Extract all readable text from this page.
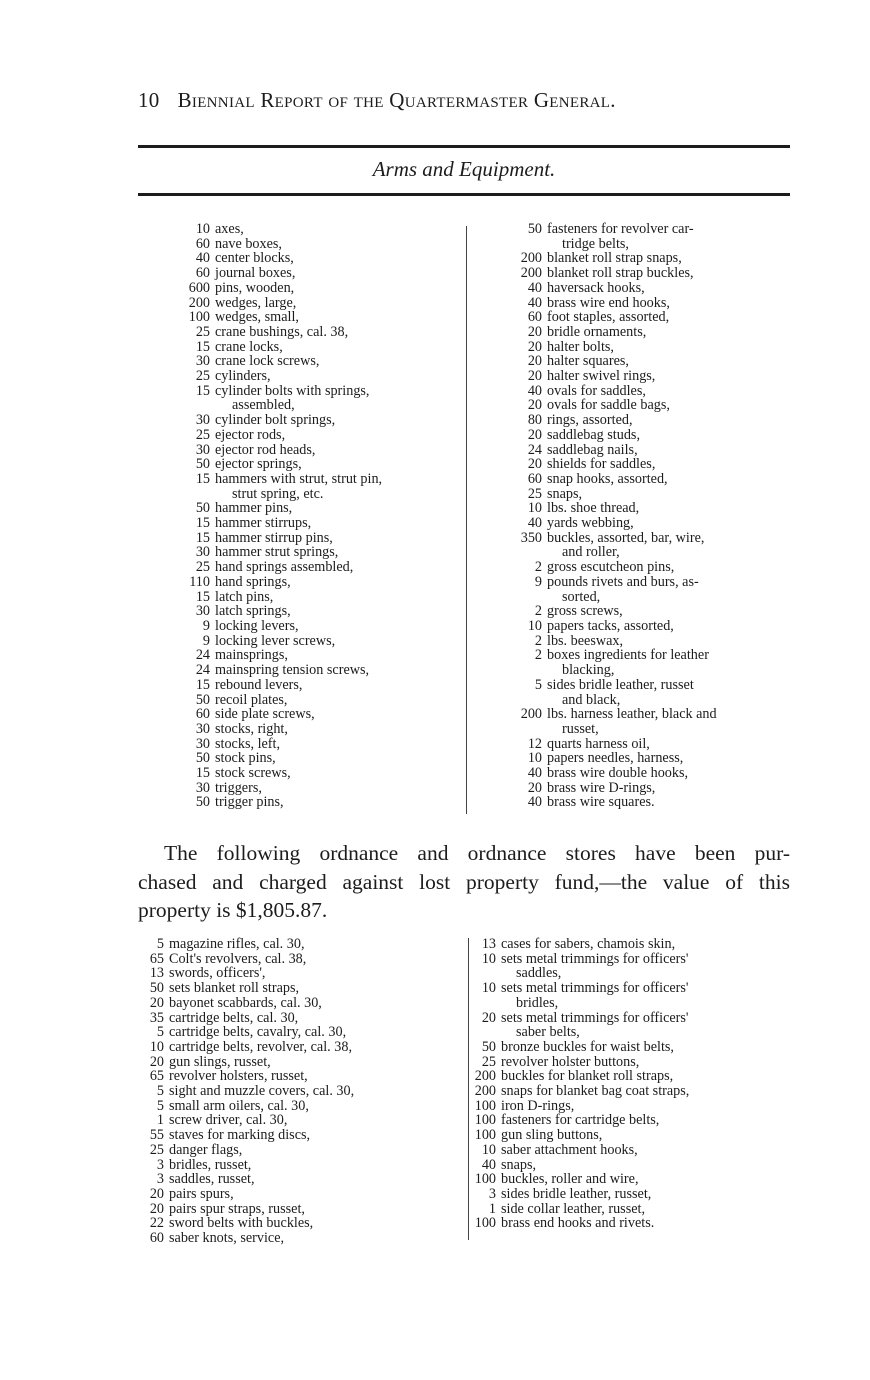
10 Biennial Report of the Quartermaster General.
Arms and Equipment.
10 axes,
60 nave boxes,
40 center blocks,
60 journal boxes,
600 pins, wooden,
200 wedges, large,
100 wedges, small,
25 crane bushings, cal. 38,
15 crane locks,
30 crane lock screws,
25 cylinders,
15 cylinder bolts with springs,
assembled,
30 cylinder bolt springs,
25 ejector rods,
30 ejector rod heads,
50 ejector springs,
15 hammers with strut, strut pin,
strut spring, etc.
50 hammer pins,
15 hammer stirrups,
15 hammer stirrup pins,
30 hammer strut springs,
25 hand springs assembled,
110 hand springs,
15 latch pins,
30 latch springs,
9 locking levers,
9 locking lever screws,
24 mainsprings,
24 mainspring tension screws,
15 rebound levers,
50 recoil plates,
60 side plate screws,
30 stocks, right,
30 stocks, left,
50 stock pins,
15 stock screws,
30 triggers,
50 trigger pins,
50 fasteners for revolver car-
tridge belts,
200 blanket roll strap snaps,
200 blanket roll strap buckles,
40 haversack hooks,
40 brass wire end hooks,
60 foot staples, assorted,
20 bridle ornaments,
20 halter bolts,
20 halter squares,
20 halter swivel rings,
40 ovals for saddles,
20 ovals for saddle bags,
80 rings, assorted,
20 saddlebag studs,
24 saddlebag nails,
20 shields for saddles,
60 snap hooks, assorted,
25 snaps,
10 lbs. shoe thread,
40 yards webbing,
350 buckles, assorted, bar, wire,
and roller,
2 gross escutcheon pins,
9 pounds rivets and burs, as-
sorted,
2 gross screws,
10 papers tacks, assorted,
2 lbs. beeswax,
2 boxes ingredients for leather
blacking,
5 sides bridle leather, russet
and black,
200 lbs. harness leather, black and
russet,
12 quarts harness oil,
10 papers needles, harness,
40 brass wire double hooks,
20 brass wire D-rings,
40 brass wire squares.
The following ordnance and ordnance stores have been pur-
chased and charged against lost property fund,—the value of this
property is $1,805.87.
5 magazine rifles, cal. 30,
65 Colt's revolvers, cal. 38,
13 swords, officers',
50 sets blanket roll straps,
20 bayonet scabbards, cal. 30,
35 cartridge belts, cal. 30,
5 cartridge belts, cavalry, cal. 30,
10 cartridge belts, revolver, cal. 38,
20 gun slings, russet,
65 revolver holsters, russet,
5 sight and muzzle covers, cal. 30,
5 small arm oilers, cal. 30,
1 screw driver, cal. 30,
55 staves for marking discs,
25 danger flags,
3 bridles, russet,
3 saddles, russet,
20 pairs spurs,
20 pairs spur straps, russet,
22 sword belts with buckles,
60 saber knots, service,
13 cases for sabers, chamois skin,
10 sets metal trimmings for officers'
saddles,
10 sets metal trimmings for officers'
bridles,
20 sets metal trimmings for officers'
saber belts,
50 bronze buckles for waist belts,
25 revolver holster buttons,
200 buckles for blanket roll straps,
200 snaps for blanket bag coat straps,
100 iron D-rings,
100 fasteners for cartridge belts,
100 gun sling buttons,
10 saber attachment hooks,
40 snaps,
100 buckles, roller and wire,
3 sides bridle leather, russet,
1 side collar leather, russet,
100 brass end hooks and rivets.
